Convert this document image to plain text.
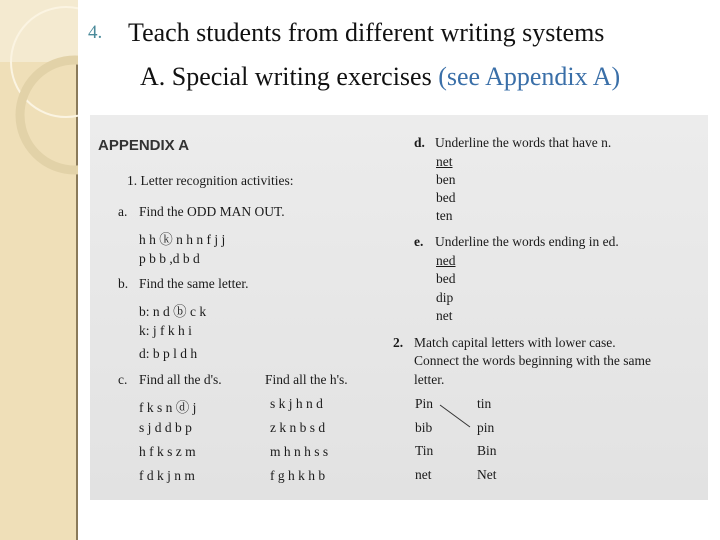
4. Teach students from different writing systems
A. Special writing exercises (see Appendix A)
APPENDIX A
1. Letter recognition activities:
a. Find the ODD MAN OUT.
h h ⓚ n h n f j j
p b b ,d b d
b. Find the same letter.
b: n d ⓑ c k
k: j f k h i
d: b p l d h
c. Find all the d's.	Find all the h's.
f k s n ⓓ j
s j d d b p
h f k s z m
f d k j n m
s k j h n d
z k n b s d
m h n h s s
f g h k h b
d. Underline the words that have n.
net
ben
bed
ten
e. Underline the words ending in ed.
ned
bed
dip
net
2. Match capital letters with lower case.
Connect the words beginning with the same
letter.
Pin
bib
Tin
net
tin
pin
Bin
Net
